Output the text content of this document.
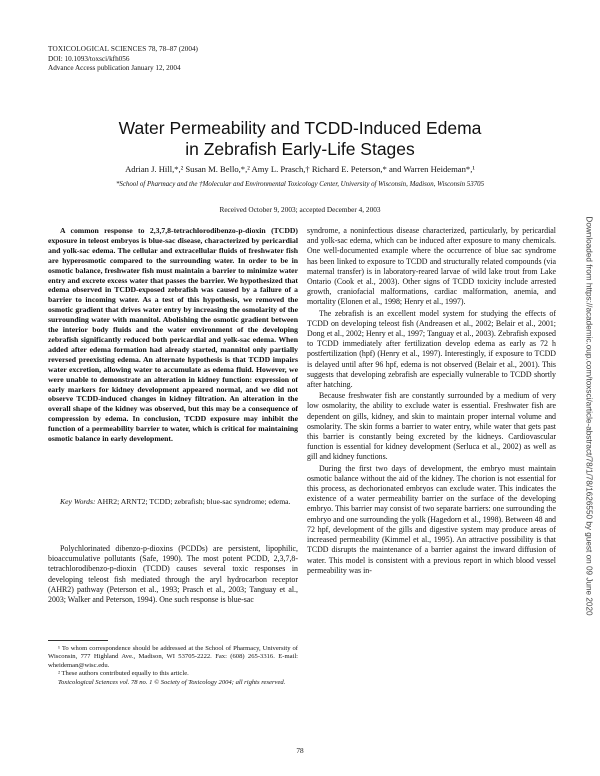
TOXICOLOGICAL SCIENCES 78, 78–87 (2004)
DOI: 10.1093/toxsci/kfh056
Advance Access publication January 12, 2004
Water Permeability and TCDD-Induced Edema
in Zebrafish Early-Life Stages
Adrian J. Hill,*,² Susan M. Bello,*,² Amy L. Prasch,† Richard E. Peterson,* and Warren Heideman*,¹
*School of Pharmacy and the †Molecular and Environmental Toxicology Center, University of Wisconsin, Madison, Wisconsin 53705
Received October 9, 2003; accepted December 4, 2003

A common response to 2,3,7,8-tetrachlorodibenzo-p-dioxin (TCDD) exposure in teleost embryos is blue-sac disease, characterized by pericardial and yolk-sac edema. The cellular and extracellular fluids of freshwater fish are hyperosmotic compared to the surrounding water. In order to be in osmotic balance, freshwater fish must maintain a barrier to minimize water entry and excrete excess water that passes the barrier. We hypothesized that edema observed in TCDD-exposed zebrafish was caused by a failure of a barrier to incoming water. As a test of this hypothesis, we removed the osmotic gradient that drives water entry by increasing the osmolarity of the surrounding water with mannitol. Abolishing the osmotic gradient between the interior body fluids and the water environment of the developing zebrafish significantly reduced both pericardial and yolk-sac edema. When added after edema formation had already started, mannitol only partially reversed preexisting edema. An alternate hypothesis is that TCDD impairs water excretion, allowing water to accumulate as edema fluid. However, we were unable to demonstrate an alteration in kidney function: expression of early markers for kidney development appeared normal, and we did not observe TCDD-induced changes in kidney filtration. An alteration in the overall shape of the kidney was observed, but this may be a consequence of compression by edema. In conclusion, TCDD exposure may inhibit the function of a permeability barrier to water, which is critical for maintaining osmotic balance in early development.

Key Words: AHR2; ARNT2; TCDD; zebrafish; blue-sac syndrome; edema.

Polychlorinated dibenzo-p-dioxins (PCDDs) are persistent, lipophilic, bioaccumulative pollutants (Safe, 1990). The most potent PCDD, 2,3,7,8-tetrachlorodibenzo-p-dioxin (TCDD) causes several toxic responses in developing teleost fish mediated through the aryl hydrocarbon receptor (AHR2) pathway (Peterson et al., 1993; Prasch et al., 2003; Tanguay et al., 2003; Walker and Peterson, 1994). One such response is blue-sac

¹ To whom correspondence should be addressed at the School of Pharmacy, University of Wisconsin, 777 Highland Ave., Madison, WI 53705-2222. Fax: (608) 265-3316. E-mail: wheideman@wisc.edu.

² These authors contributed equally to this article.

Toxicological Sciences vol. 78 no. 1 © Society of Toxicology 2004; all rights reserved.

syndrome, a noninfectious disease characterized, particularly, by pericardial and yolk-sac edema, which can be induced after exposure to many chemicals. One well-documented example where the occurrence of blue sac syndrome has been linked to exposure to TCDD and structurally related compounds (via maternal transfer) is in laboratory-reared larvae of wild lake trout from Lake Ontario (Cook et al., 2003). Other signs of TCDD toxicity include arrested growth, craniofacial malformations, cardiac malformation, anemia, and mortality (Elonen et al., 1998; Henry et al., 1997).

The zebrafish is an excellent model system for studying the effects of TCDD on developing teleost fish (Andreasen et al., 2002; Belair et al., 2001; Dong et al., 2002; Henry et al., 1997; Tanguay et al., 2003). Zebrafish exposed to TCDD immediately after fertilization develop edema as early as 72 h postfertilization (hpf) (Henry et al., 1997). Interestingly, if exposure to TCDD is delayed until after 96 hpf, edema is not observed (Belair et al., 2001). This suggests that developing zebrafish are especially vulnerable to TCDD shortly after hatching.

Because freshwater fish are constantly surrounded by a medium of very low osmolarity, the ability to exclude water is essential. Freshwater fish are dependent on gills, kidney, and skin to maintain proper internal volume and osmolarity. The skin forms a barrier to water entry, while water that gets past this barrier is constantly being excreted by the kidneys. Cardiovascular function is essential for kidney development (Serluca et al., 2002) as well as gill and kidney functions.

During the first two days of development, the embryo must maintain osmotic balance without the aid of the kidney. The chorion is not essential for this process, as dechorionated embryos can exclude water. This indicates the existence of a water permeability barrier on the surface of the developing embryo. This barrier may consist of two separate barriers: one surrounding the embryo and one surrounding the yolk (Hagedorn et al., 1998). Between 48 and 72 hpf, development of the gills and digestive system may produce areas of increased permeability (Kimmel et al., 1995). An attractive possibility is that TCDD disrupts the maintenance of a barrier against the inward diffusion of water. This model is consistent with a previous report in which blood vessel permeability was in-

78
Downloaded from https://academic.oup.com/toxsci/article-abstract/78/1/78/1626550 by guest on 09 June 2020
